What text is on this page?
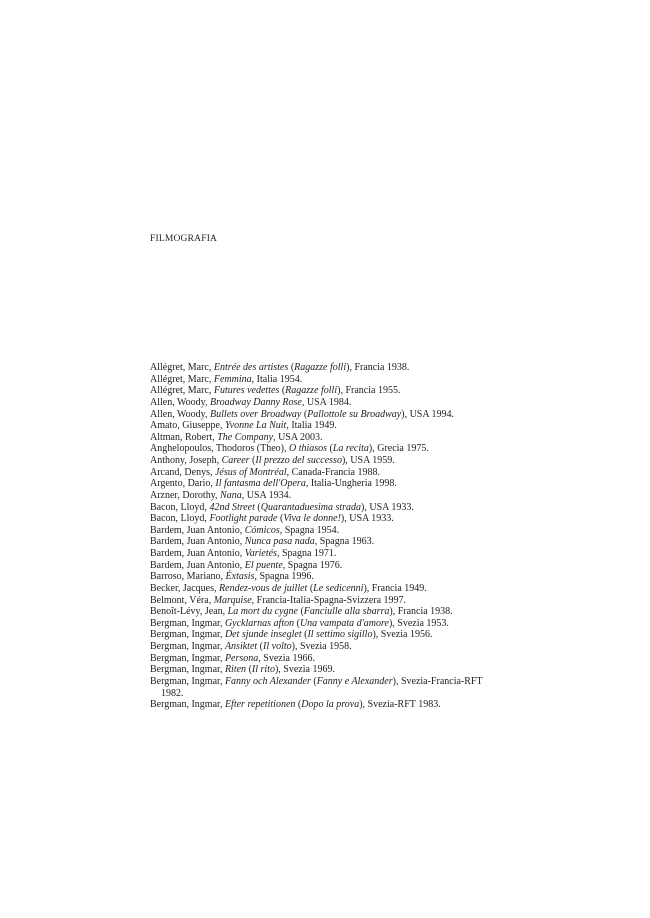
FILMOGRAFIA
Allégret, Marc, Entrée des artistes (Ragazze folli), Francia 1938.
Allégret, Marc, Femmina, Italia 1954.
Allégret, Marc, Futures vedettes (Ragazze folli), Francia 1955.
Allen, Woody, Broadway Danny Rose, USA 1984.
Allen, Woody, Bullets over Broadway (Pallottole su Broadway), USA 1994.
Amato, Giuseppe, Yvonne La Nuit, Italia 1949.
Altman, Robert, The Company, USA 2003.
Anghelopoulos, Thodoros (Theo), O thiasos (La recita), Grecia 1975.
Anthony, Joseph, Career (Il prezzo del successo), USA 1959.
Arcand, Denys, Jésus of Montréal, Canada-Francia 1988.
Argento, Dario, Il fantasma dell'Opera, Italia-Ungheria 1998.
Arzner, Dorothy, Nana, USA 1934.
Bacon, Lloyd, 42nd Street (Quarantaduesima strada), USA 1933.
Bacon, Lloyd, Footlight parade (Viva le donne!), USA 1933.
Bardem, Juan Antonio, Cómicos, Spagna 1954.
Bardem, Juan Antonio, Nunca pasa nada, Spagna 1963.
Bardem, Juan Antonio, Varietés, Spagna 1971.
Bardem, Juan Antonio, El puente, Spagna 1976.
Barroso, Mariano, Éxtasis, Spagna 1996.
Becker, Jacques, Rendez-vous de juillet (Le sedicenni), Francia 1949.
Belmont, Véra, Marquise, Francia-Italia-Spagna-Svizzera 1997.
Benoît-Lévy, Jean, La mort du cygne (Fanciulle alla sbarra), Francia 1938.
Bergman, Ingmar, Gycklarnas afton (Una vampata d'amore), Svezia 1953.
Bergman, Ingmar, Det sjunde inseglet (Il settimo sigillo), Svezia 1956.
Bergman, Ingmar, Ansiktet (Il volto), Svezia 1958.
Bergman, Ingmar, Persona, Svezia 1966.
Bergman, Ingmar, Riten (Il rito), Svezia 1969.
Bergman, Ingmar, Fanny och Alexander (Fanny e Alexander), Svezia-Francia-RFT 1982.
Bergman, Ingmar, Efter repetitionen (Dopo la prova), Svezia-RFT 1983.
